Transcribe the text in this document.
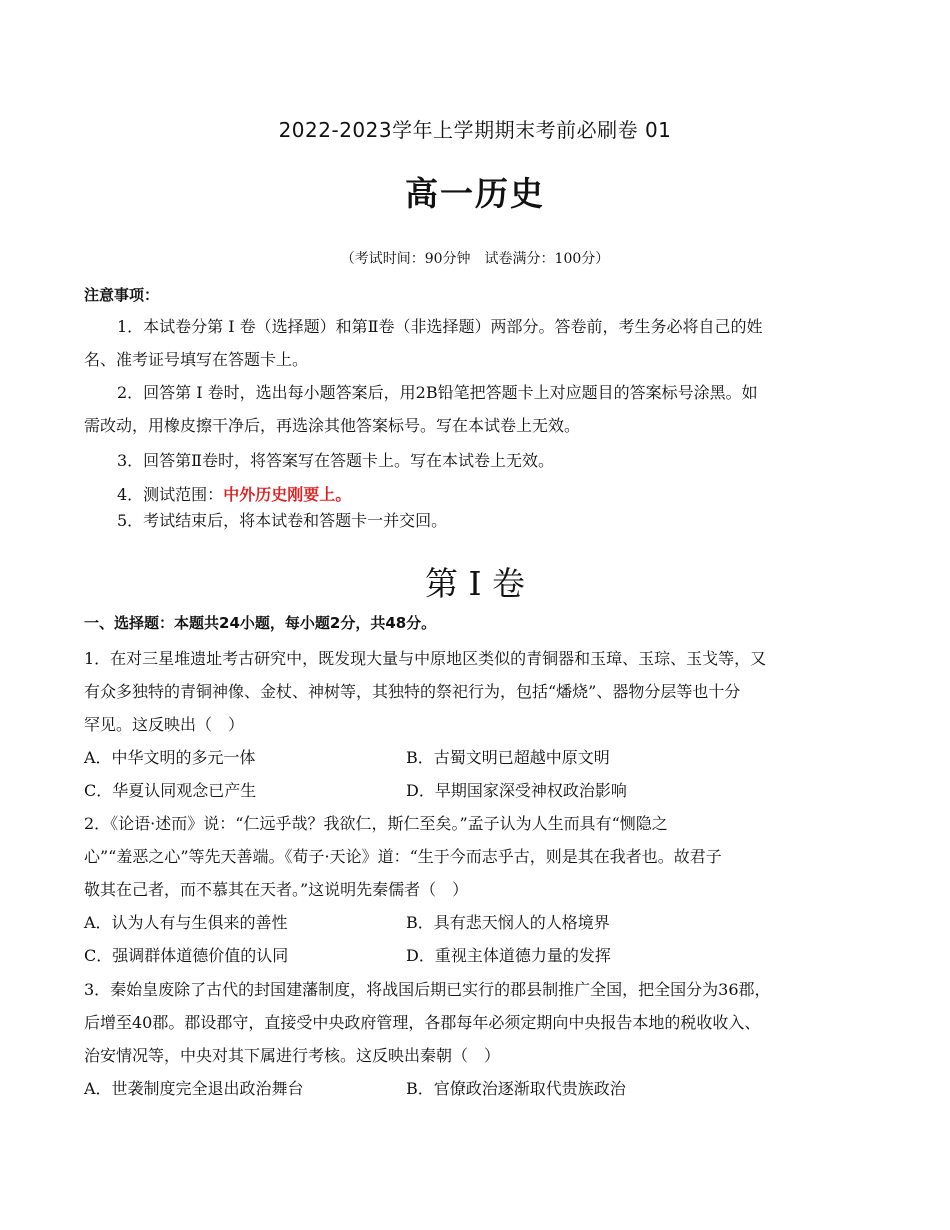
2022-2023学年上学期期末考前必刷卷 01
高一历史
（考试时间：90分钟　试卷满分：100分）
注意事项：
1．本试卷分第 I 卷（选择题）和第Ⅱ卷（非选择题）两部分。答卷前，考生务必将自己的姓
名、准考证号填写在答题卡上。
2．回答第 I 卷时，选出每小题答案后，用2B铅笔把答题卡上对应题目的答案标号涂黑。如
需改动，用橡皮擦干净后，再选涂其他答案标号。写在本试卷上无效。
3．回答第Ⅱ卷时，将答案写在答题卡上。写在本试卷上无效。
4．测试范围：中外历史刚要上。
5．考试结束后，将本试卷和答题卡一并交回。
第 I 卷
一、选择题：本题共24小题，每小题2分，共48分。
1．在对三星堆遗址考古研究中，既发现大量与中原地区类似的青铜器和玉璋、玉琮、玉戈等，又
有众多独特的青铜神像、金杖、神树等，其独特的祭祀行为，包括“燔烧”、器物分层等也十分
罕见。这反映出（　）
A．中华文明的多元一体	B．古蜀文明已超越中原文明
C．华夏认同观念已产生	D．早期国家深受神权政治影响
2．《论语·述而》说：“仁远乎哉？我欲仁，斯仁至矣。”孟子认为人生而具有“恻隐之
心”“羞恶之心”等先天善端。《荀子·天论》道：“生于今而志乎古，则是其在我者也。故君子
敬其在己者，而不慕其在天者。”这说明先秦儒者（　）
A．认为人有与生俱来的善性	B．具有悲天悯人的人格境界
C．强调群体道德价值的认同	D．重视主体道德力量的发挥
3．秦始皇废除了古代的封国建藩制度，将战国后期已实行的郡县制推广全国，把全国分为36郡，
后增至40郡。郡设郡守，直接受中央政府管理，各郡每年必须定期向中央报告本地的税收收入、
治安情况等，中央对其下属进行考核。这反映出秦朝（　）
A．世袭制度完全退出政治舞台	B．官僚政治逐渐取代贵族政治
